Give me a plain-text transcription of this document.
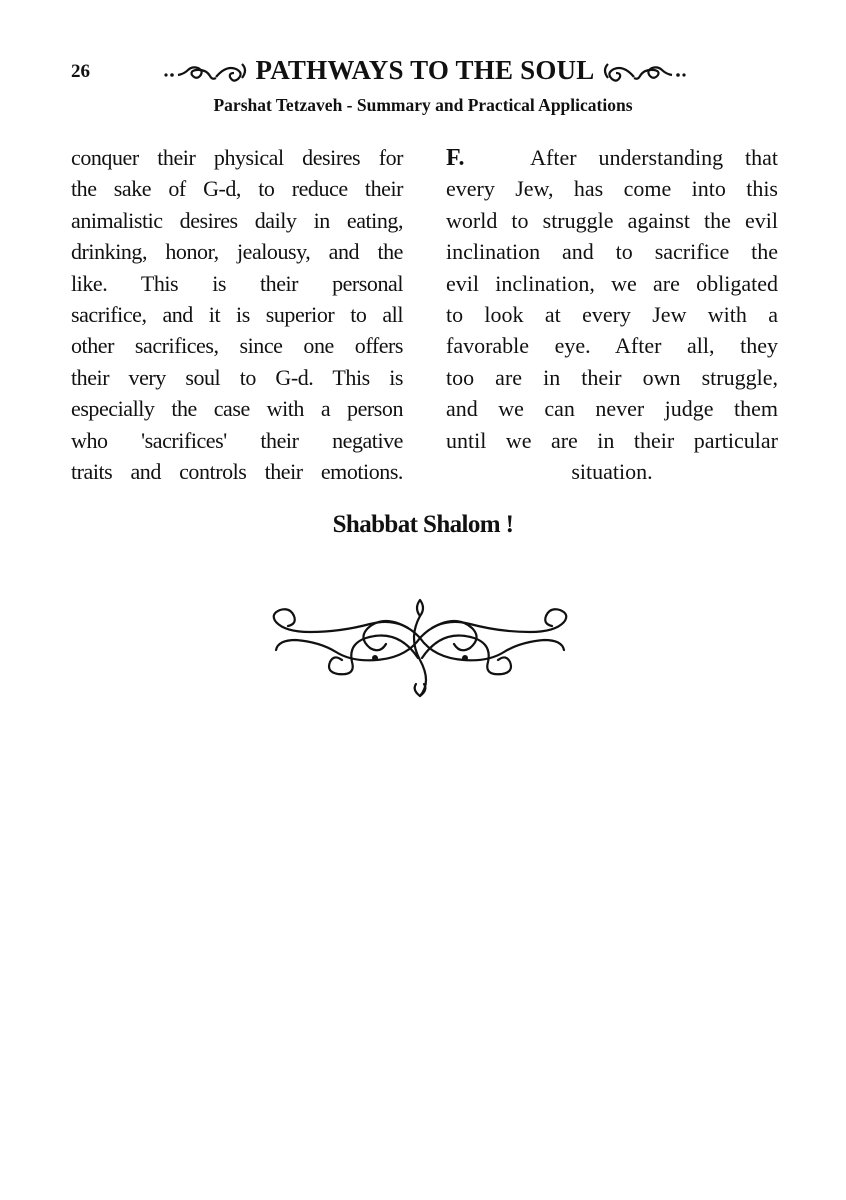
26	PATHWAYS TO THE SOUL
Parshat Tetzaveh - Summary and Practical Applications
conquer their physical desires for
the sake of G-d, to reduce their
animalistic desires daily in eating,
drinking, honor, jealousy, and the
like. This is their personal
sacrifice, and it is superior to all
other sacrifices, since one offers
their very soul to G-d. This is
especially the case with a person
who 'sacrifices' their negative
traits and controls their emotions.
F.	After understanding that
every Jew, has come into this
world to struggle against the evil
inclination and to sacrifice the
evil inclination, we are obligated
to look at every Jew with a
favorable eye. After all, they
too are in their own struggle,
and we can never judge them
until we are in their particular
situation.
Shabbat Shalom !
